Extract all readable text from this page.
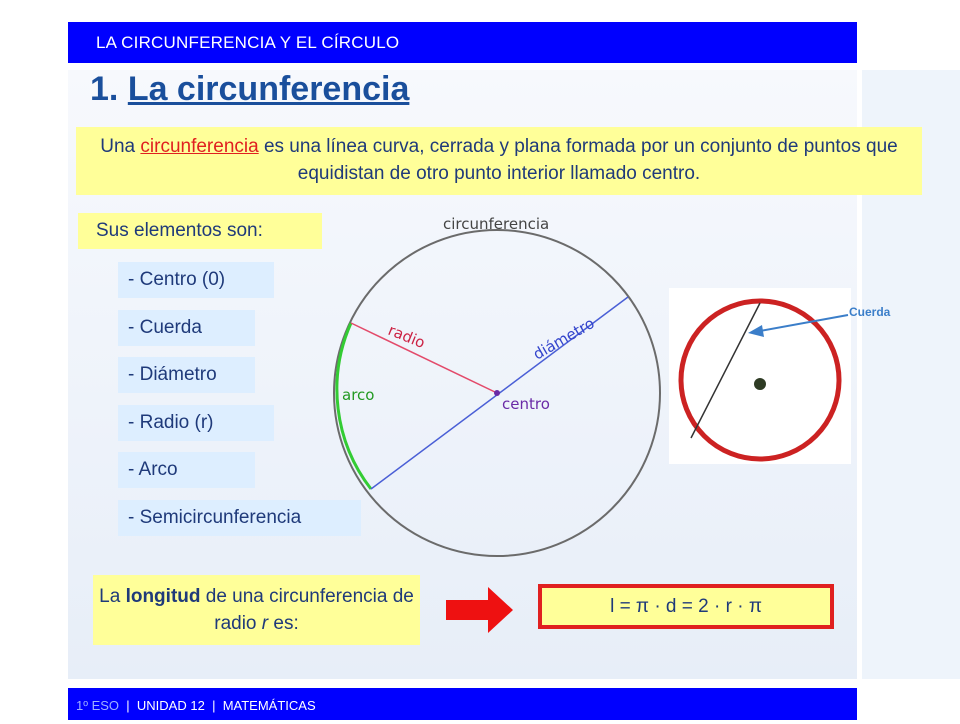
LA CIRCUNFERENCIA Y EL CÍRCULO
1. La circunferencia
Una circunferencia es una línea curva, cerrada y plana formada por un conjunto de puntos que equidistan de otro punto interior llamado centro.
Sus elementos son:
- Centro (0)
- Cuerda
- Diámetro
- Radio (r)
- Arco
- Semicircunferencia
circunferencia
radio	diámetro
arco	centro
Cuerda
La longitud de una circunferencia de radio r es:
l = π · d = 2 · r · π
1º ESO | UNIDAD 12 | MATEMÁTICAS
